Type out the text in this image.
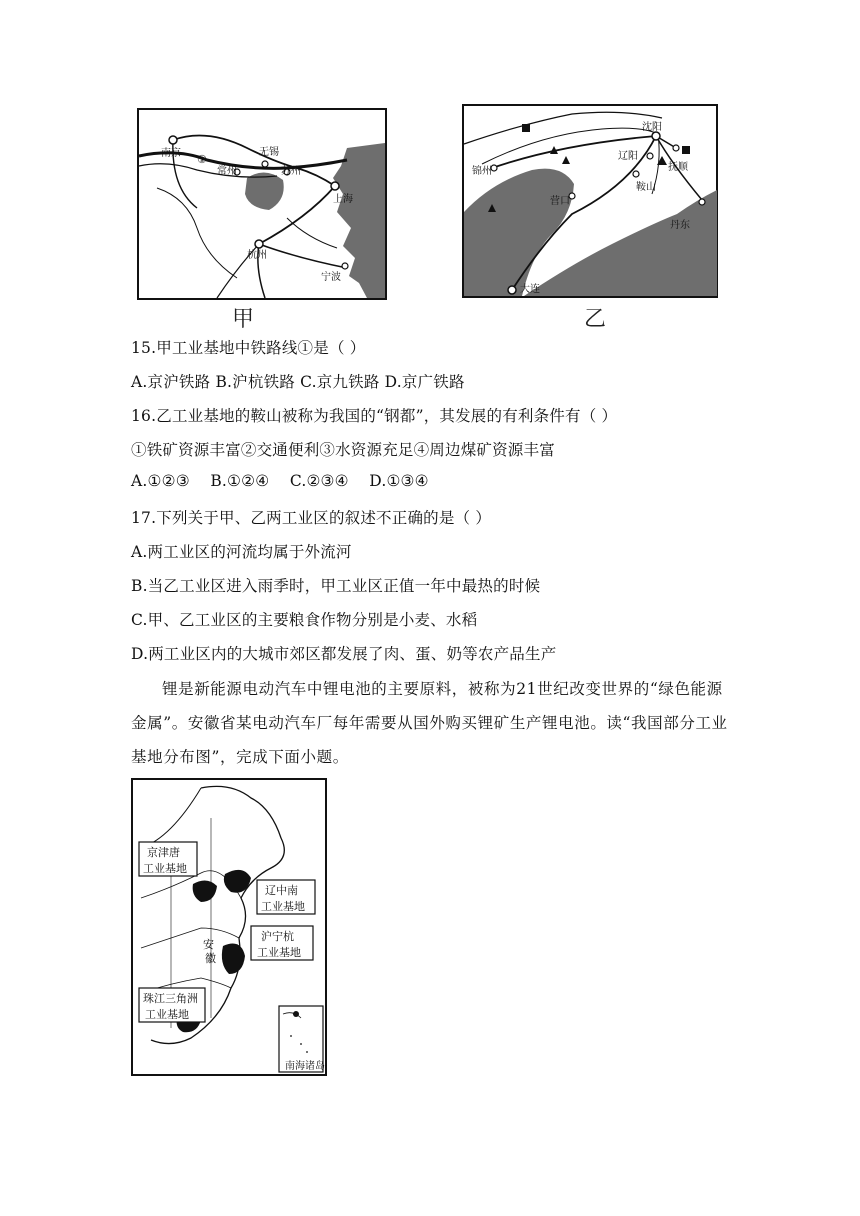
南京 ①
常州
无锡
苏州
上海
杭州
宁波
甲
沈阳
辽阳
抚顺
鞍山
锦州
营口
丹东
大连
乙
15.甲工业基地中铁路线①是（ ）
A.京沪铁路 B.沪杭铁路 C.京九铁路 D.京广铁路
16.乙工业基地的鞍山被称为我国的“钢都”，其发展的有利条件有（ ）
①铁矿资源丰富②交通便利③水资源充足④周边煤矿资源丰富
A.①②③    B.①②④    C.②③④    D.①③④
17.下列关于甲、乙两工业区的叙述不正确的是（ ）
A.两工业区的河流均属于外流河
B.当乙工业区进入雨季时，甲工业区正值一年中最热的时候
C.甲、乙工业区的主要粮食作物分别是小麦、水稻
D.两工业区内的大城市郊区都发展了肉、蛋、奶等农产品生产
锂是新能源电动汽车中锂电池的主要原料，被称为21世纪改变世界的“绿色能源金属”。安徽省某电动汽车厂每年需要从国外购买锂矿生产锂电池。读“我国部分工业基地分布图”，完成下面小题。
京津唐
工业基地
辽中南
工业基地
沪宁杭
工业基地
珠江三角洲
工业基地
安
徽
南海诸岛
